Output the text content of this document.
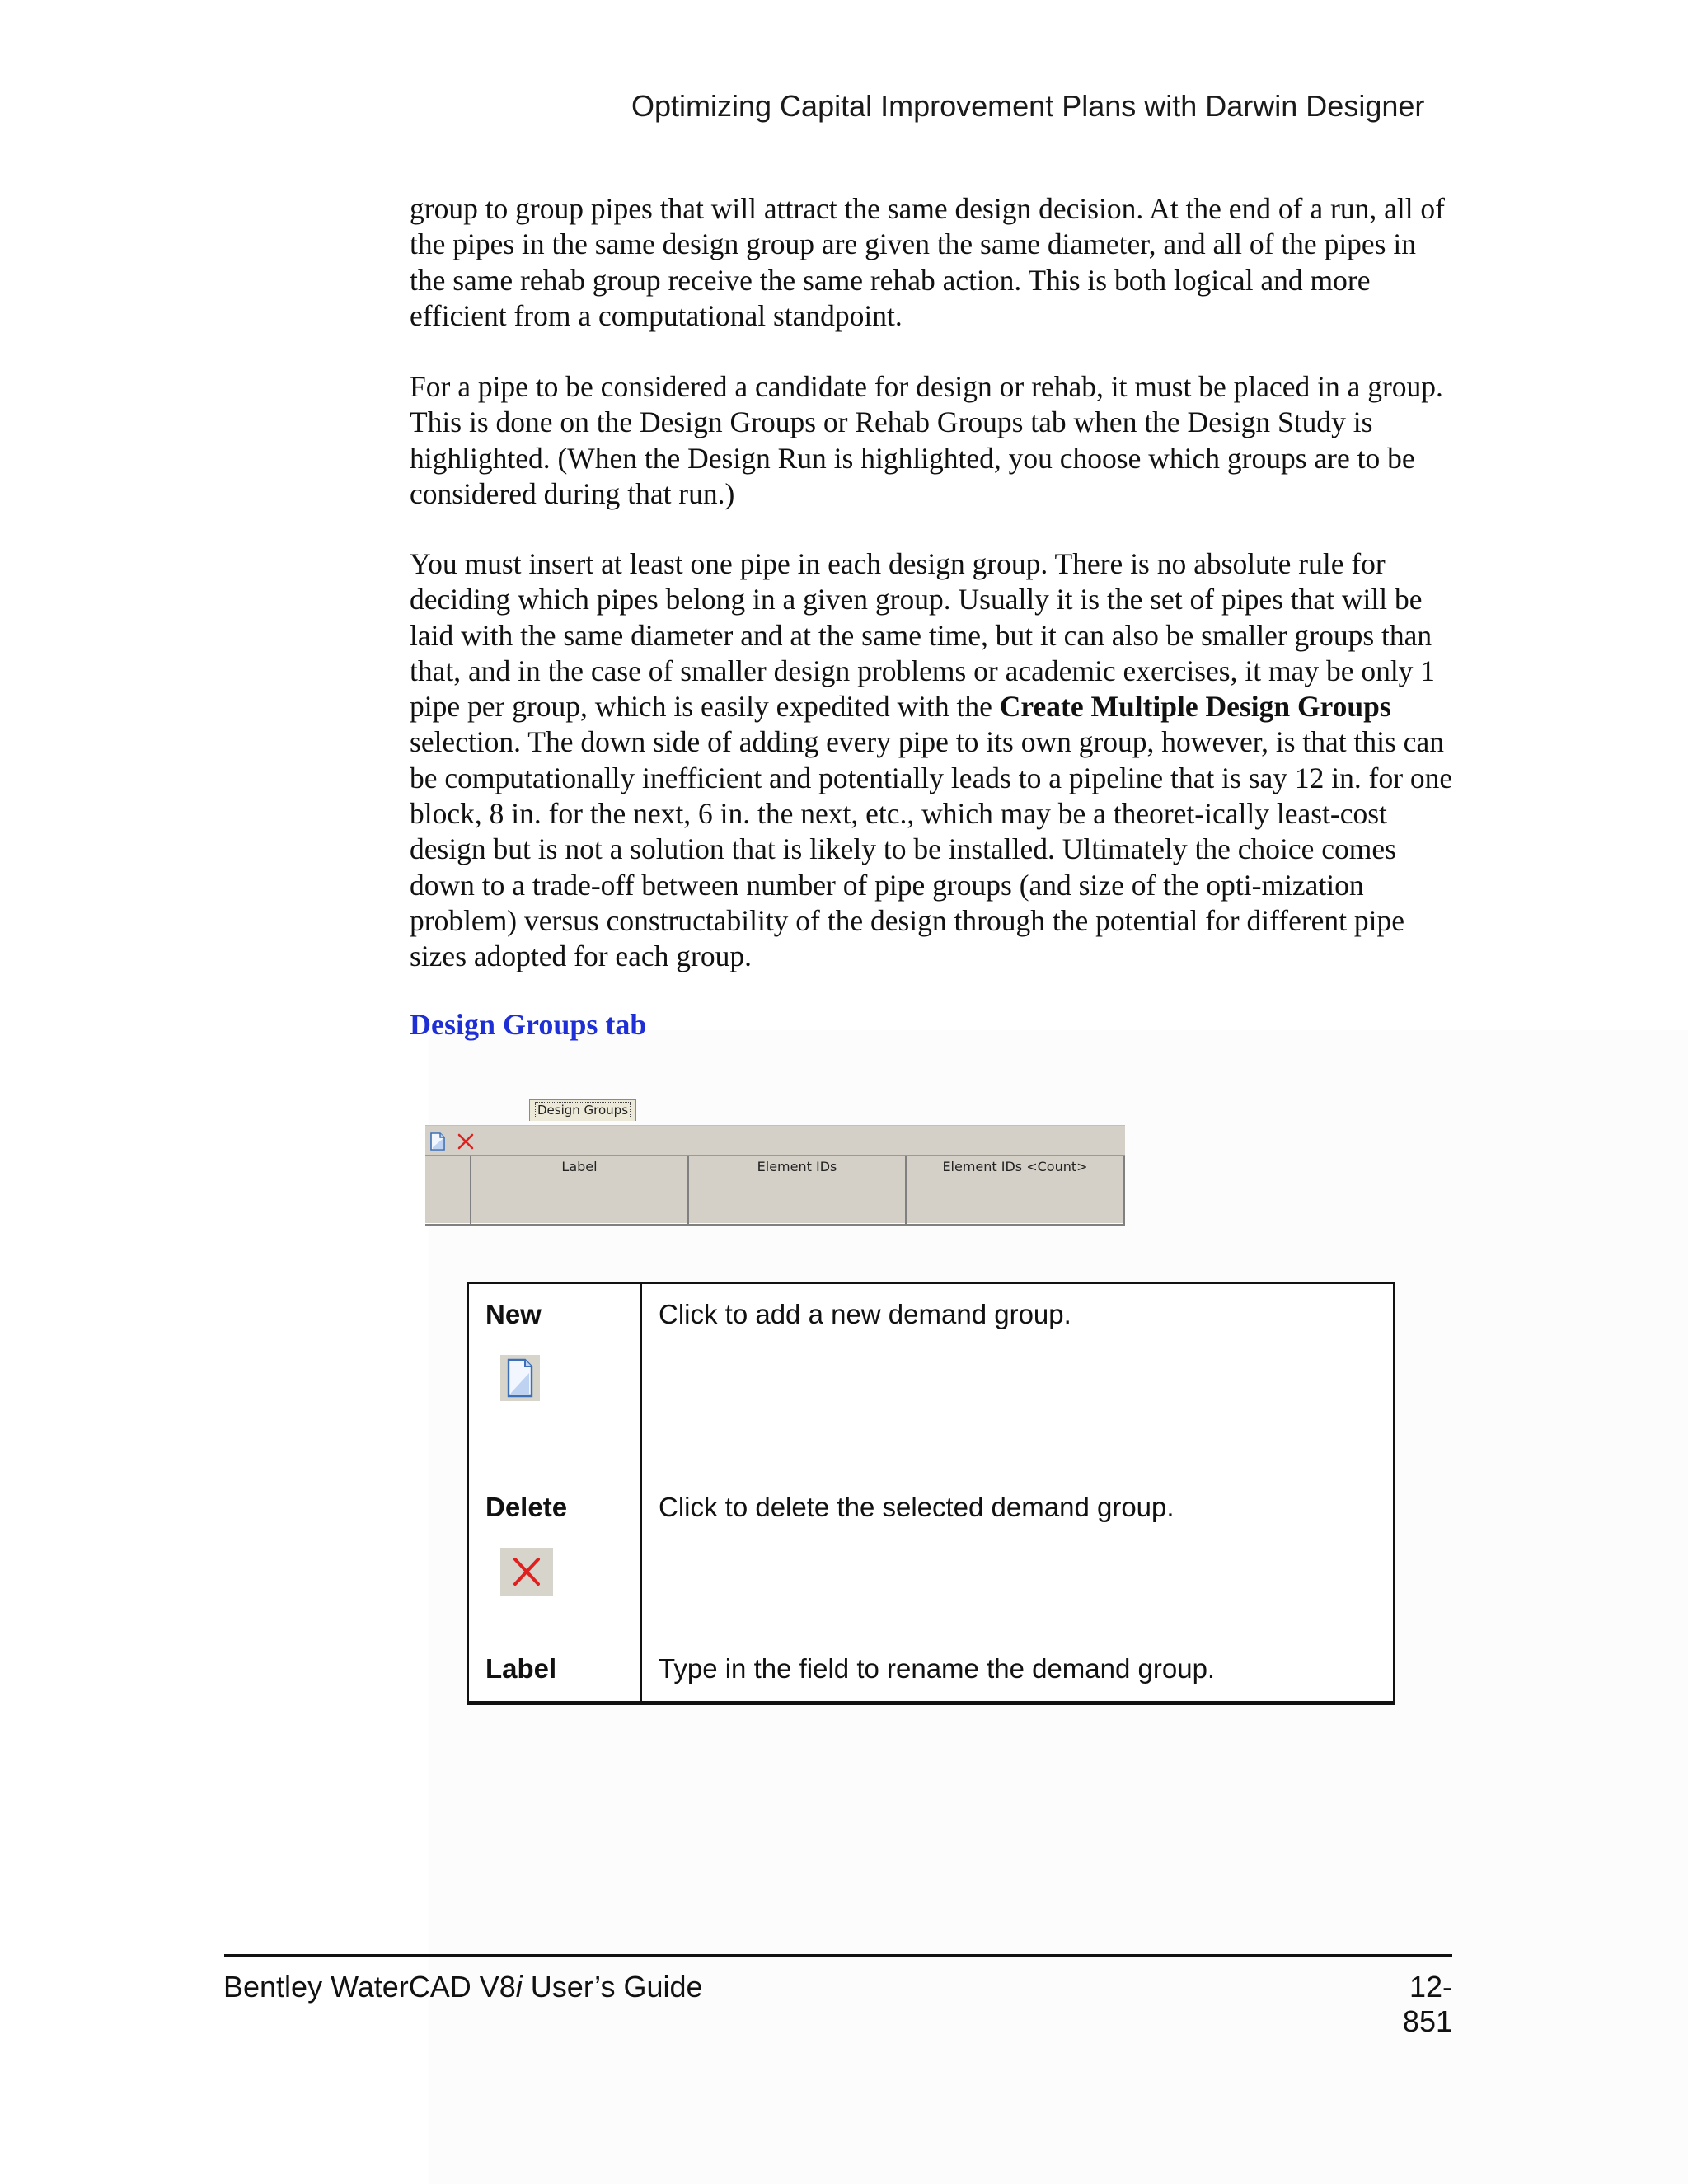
Optimizing Capital Improvement Plans with Darwin Designer
group to group pipes that will attract the same design decision. At the end of a run, all of the pipes in the same design group are given the same diameter, and all of the pipes in the same rehab group receive the same rehab action. This is both logical and more efficient from a computational standpoint.
For a pipe to be considered a candidate for design or rehab, it must be placed in a group. This is done on the Design Groups or Rehab Groups tab when the Design Study is highlighted. (When the Design Run is highlighted, you choose which groups are to be considered during that run.)
You must insert at least one pipe in each design group. There is no absolute rule for deciding which pipes belong in a given group. Usually it is the set of pipes that will be laid with the same diameter and at the same time, but it can also be smaller groups than that, and in the case of smaller design problems or academic exercises, it may be only 1 pipe per group, which is easily expedited with the Create Multiple Design Groups selection. The down side of adding every pipe to its own group, however, is that this can be computationally inefficient and potentially leads to a pipeline that is say 12 in. for one block, 8 in. for the next, 6 in. the next, etc., which may be a theoret-ically least-cost design but is not a solution that is likely to be installed. Ultimately the choice comes down to a trade-off between number of pipe groups (and size of the opti-mization problem) versus constructability of the design through the potential for different pipe sizes adopted for each group.
Design Groups tab
Design Groups
Label	Element IDs	Element IDs <Count>
New	Click to add a new demand group.
Delete	Click to delete the selected demand group.
Label	Type in the field to rename the demand group.
Bentley WaterCAD V8i User’s Guide	12-851
